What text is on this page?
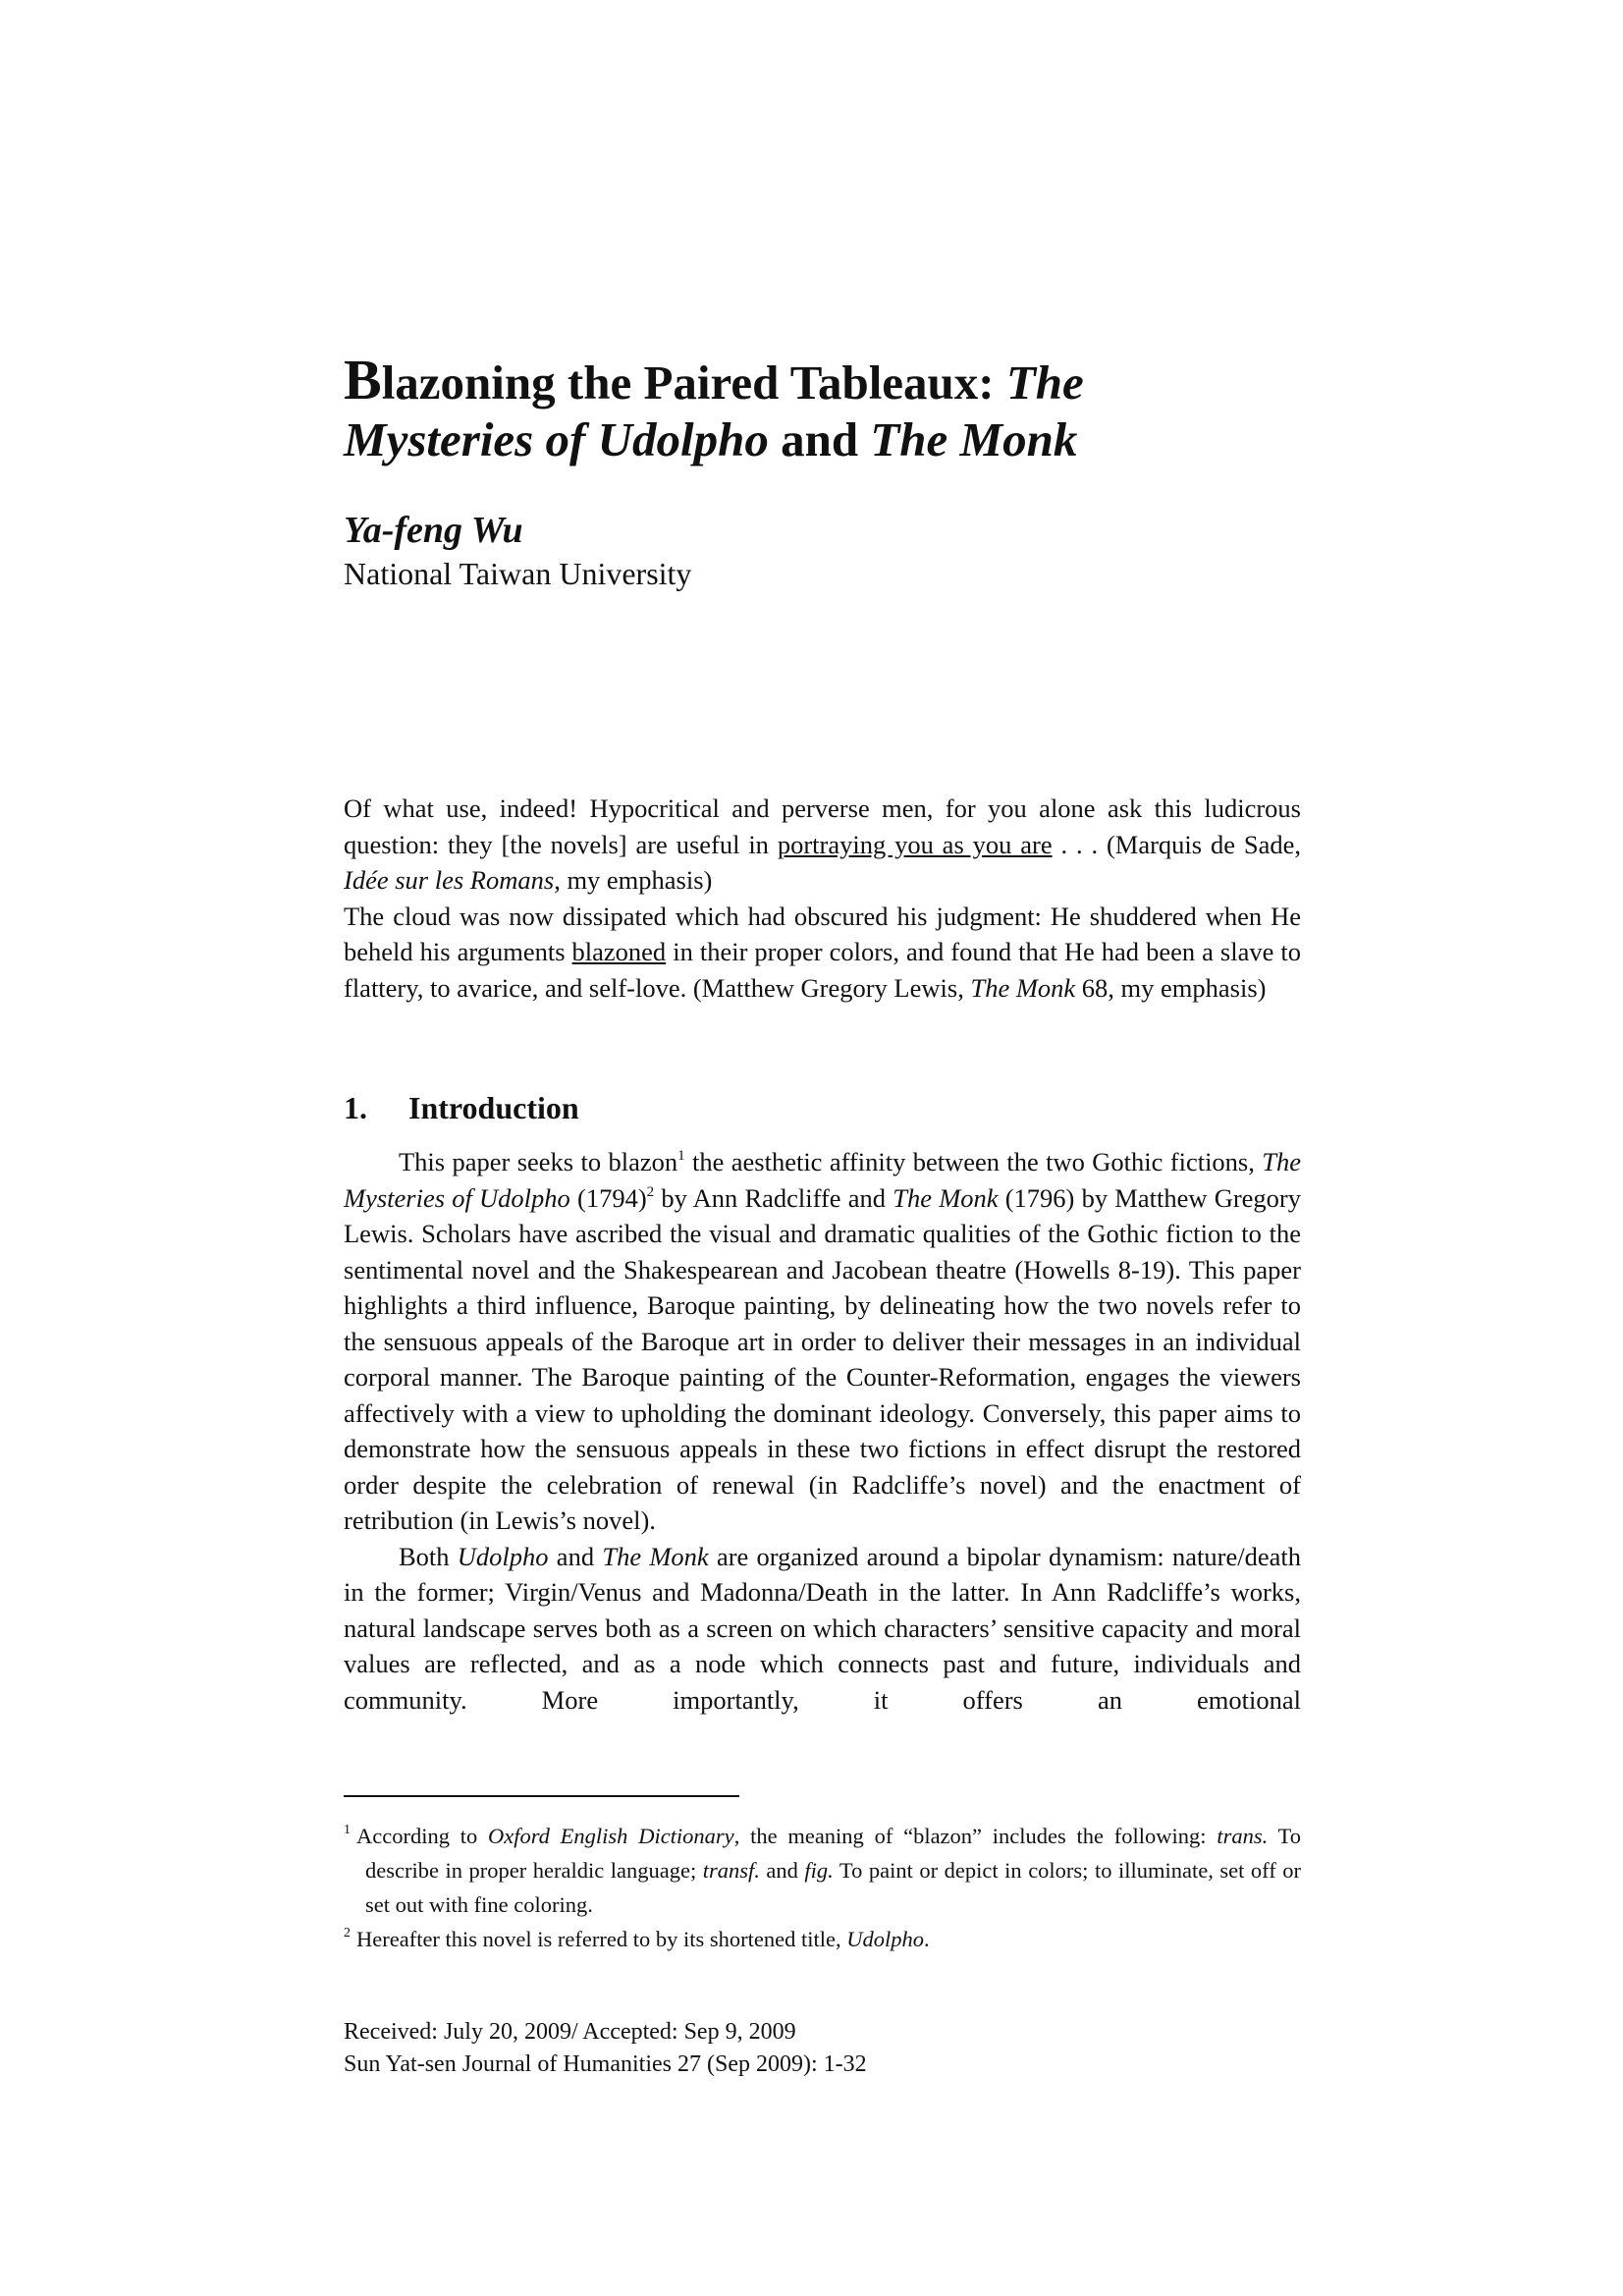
Blazoning the Paired Tableaux: The
Mysteries of Udolpho and The Monk
Ya-feng Wu
National Taiwan University

Of what use, indeed! Hypocritical and perverse men, for you alone ask this ludicrous question: they [the novels] are useful in portraying you as you are . . . (Marquis de Sade, Idée sur les Romans, my emphasis)

The cloud was now dissipated which had obscured his judgment: He shuddered when He beheld his arguments blazoned in their proper colors, and found that He had been a slave to flattery, to avarice, and self-love. (Matthew Gregory Lewis, The Monk 68, my emphasis)

1. Introduction

This paper seeks to blazon$^1$ the aesthetic affinity between the two Gothic fictions, The Mysteries of Udolpho $(1794)^2$ by Ann Radcliffe and The Monk (1796) by Matthew Gregory Lewis. Scholars have ascribed the visual and dramatic qualities of the Gothic fiction to the sentimental novel and the Shakespearean and Jacobean theatre (Howells 8-19). This paper highlights a third influence, Baroque painting, by delineating how the two novels refer to the sensuous appeals of the Baroque art in order to deliver their messages in an individual corporal manner. The Baroque painting of the Counter-Reformation, engages the viewers affectively with a view to upholding the dominant ideology. Conversely, this paper aims to demonstrate how the sensuous appeals in these two fictions in effect disrupt the restored order despite the celebration of renewal (in Radcliffe’s novel) and the enactment of retribution (in Lewis’s novel).

Both Udolpho and The Monk are organized around a bipolar dynamism: nature/death in the former; Virgin/Venus and Madonna/Death in the latter. In Ann Radcliffe’s works, natural landscape serves both as a screen on which characters’ sensitive capacity and moral values are reflected, and as a node which connects past and future, individuals and community. More importantly, it offers an emotional

$^1$ According to Oxford English Dictionary, the meaning of “blazon” includes the following: trans. To describe in proper heraldic language; transf. and fig. To paint or depict in colors; to illuminate, set off or set out with fine coloring.

$^2$ Hereafter this novel is referred to by its shortened title, Udolpho.

Received: July 20, 2009/ Accepted: Sep 9, 2009
Sun Yat-sen Journal of Humanities 27 (Sep 2009): 1-32
